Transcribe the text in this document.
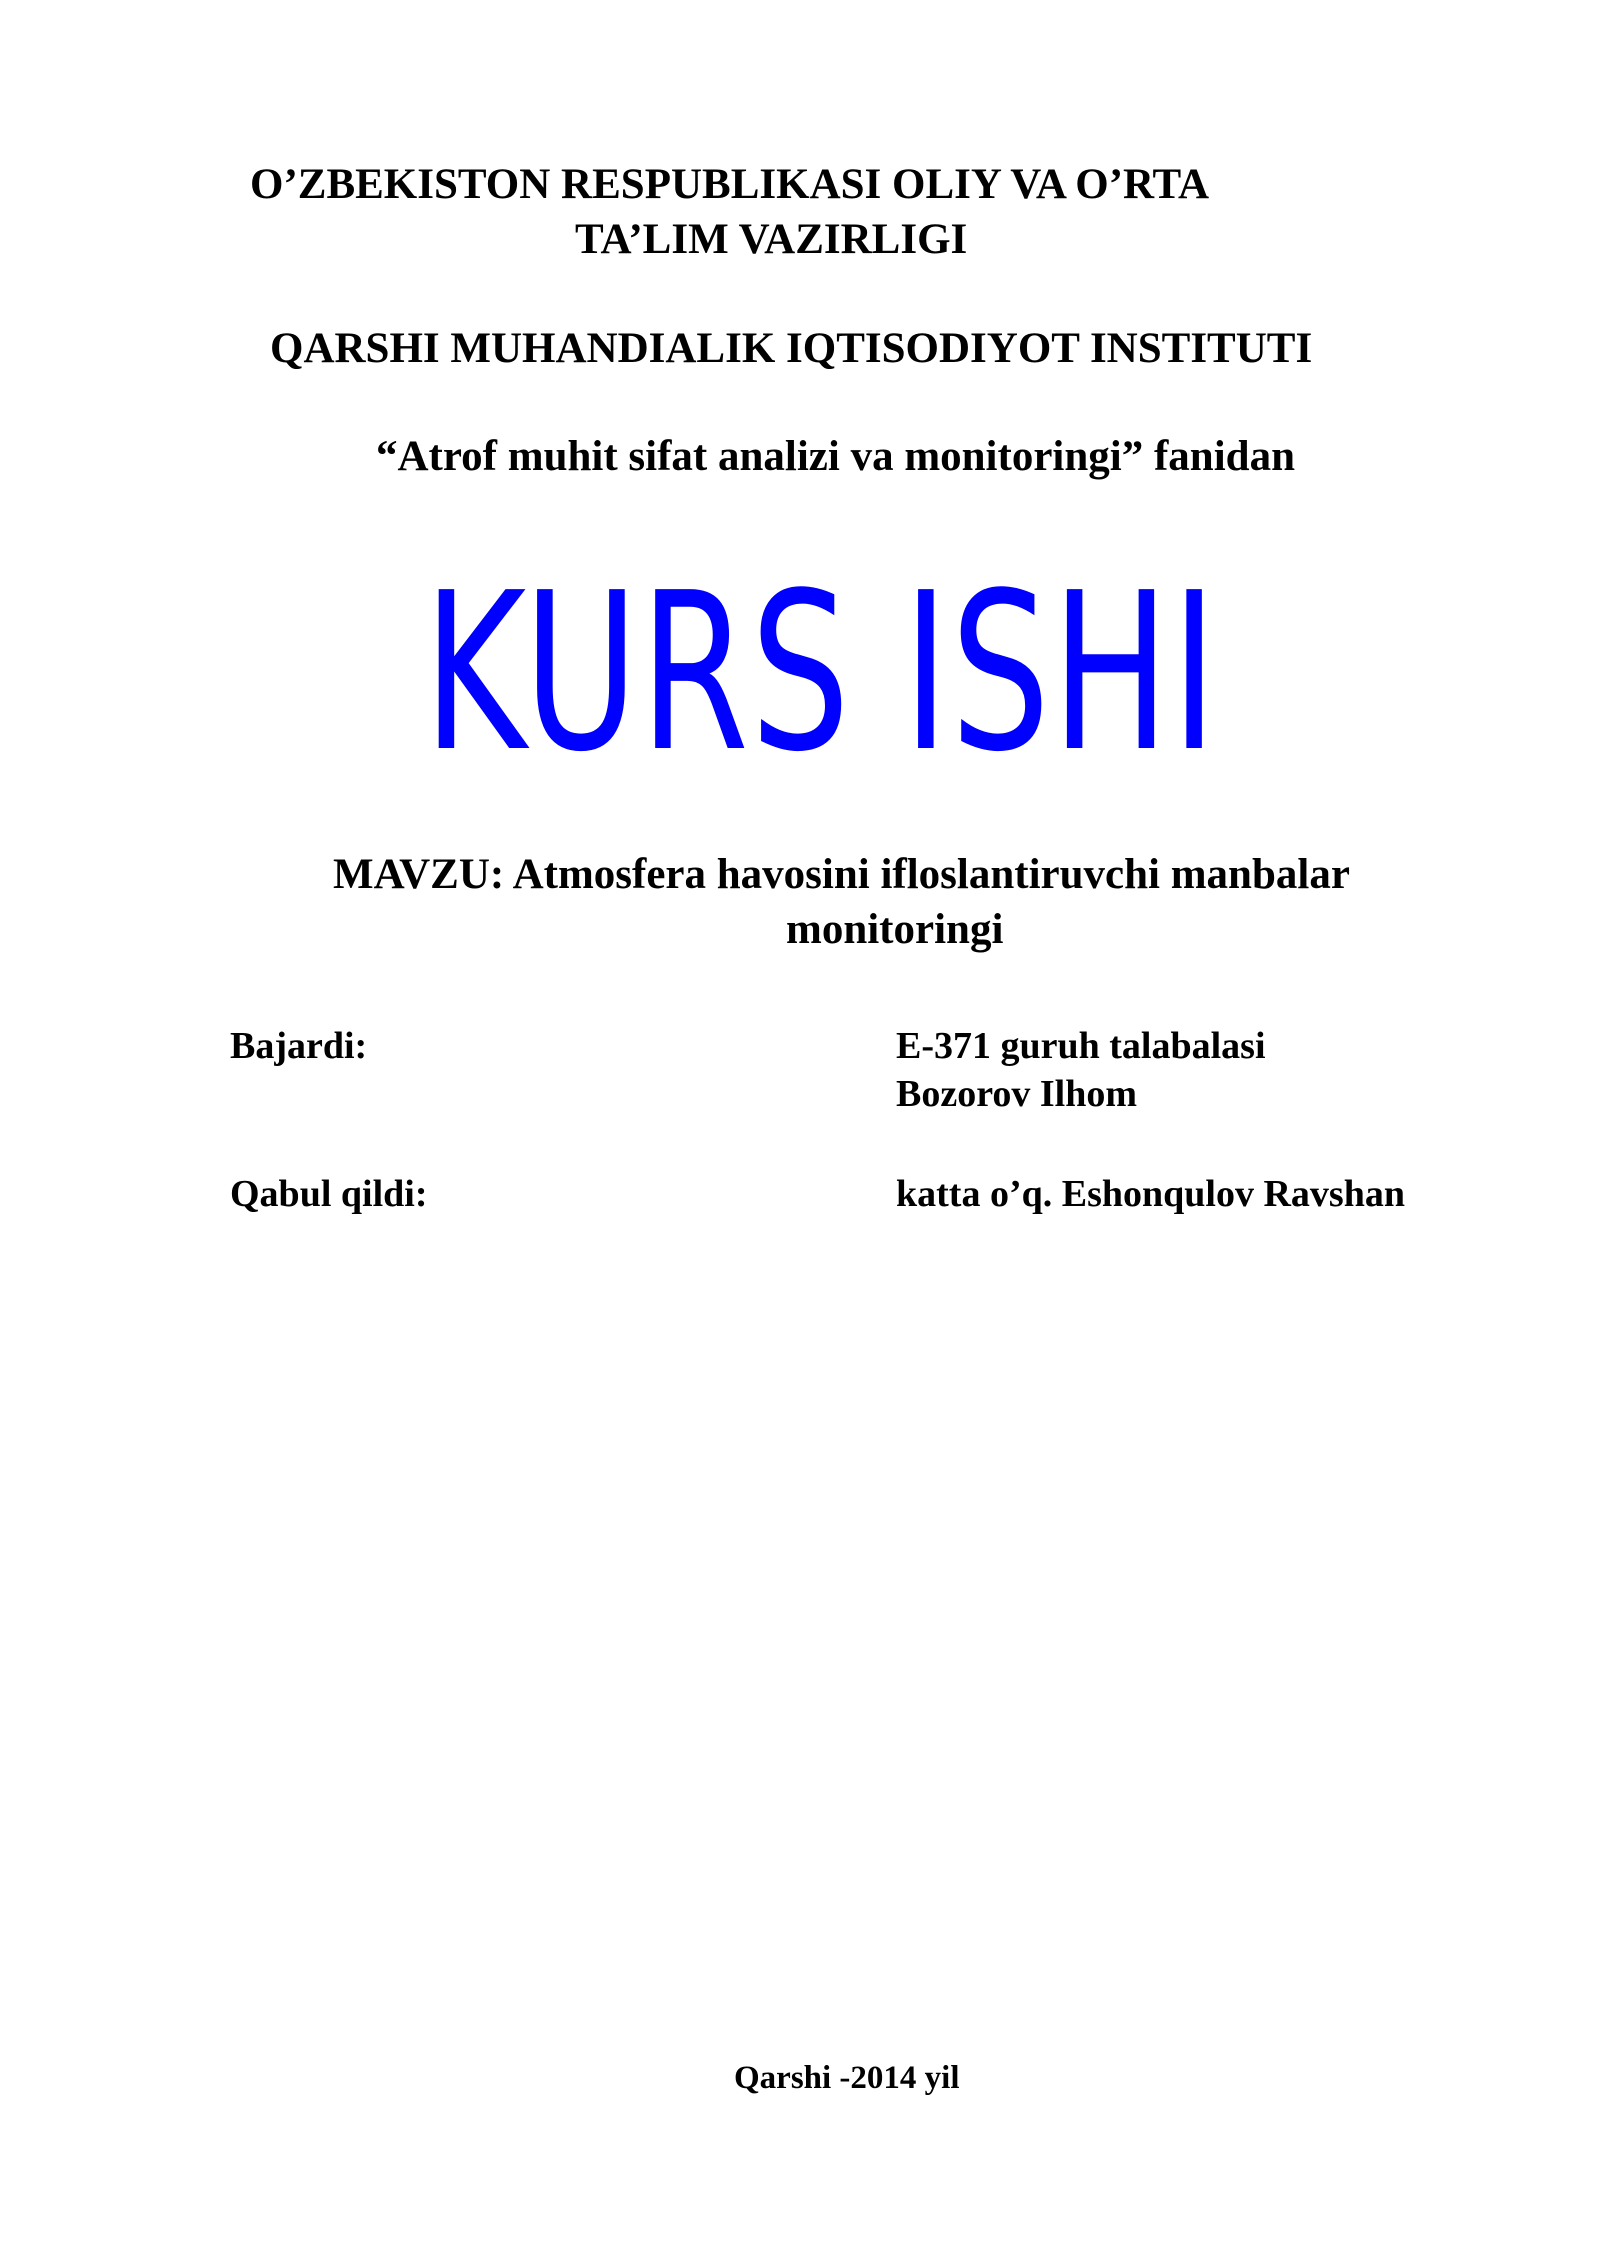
O’ZBEKISTON RESPUBLIKASI OLIY VA O’RTA

TA’LIM VAZIRLIGI

QARSHI MUHANDIALIK IQTISODIYOT INSTITUTI

“Atrof muhit sifat analizi va monitoringi” fanidan

KURS ISHI

MAVZU: Atmosfera havosini ifloslantiruvchi manbalar

monitoringi

Bajardi:	E-371 guruh talabalasi

Bozorov Ilhom

Qabul qildi:	katta o’q. Eshonqulov Ravshan

Qarshi -2014 yil
